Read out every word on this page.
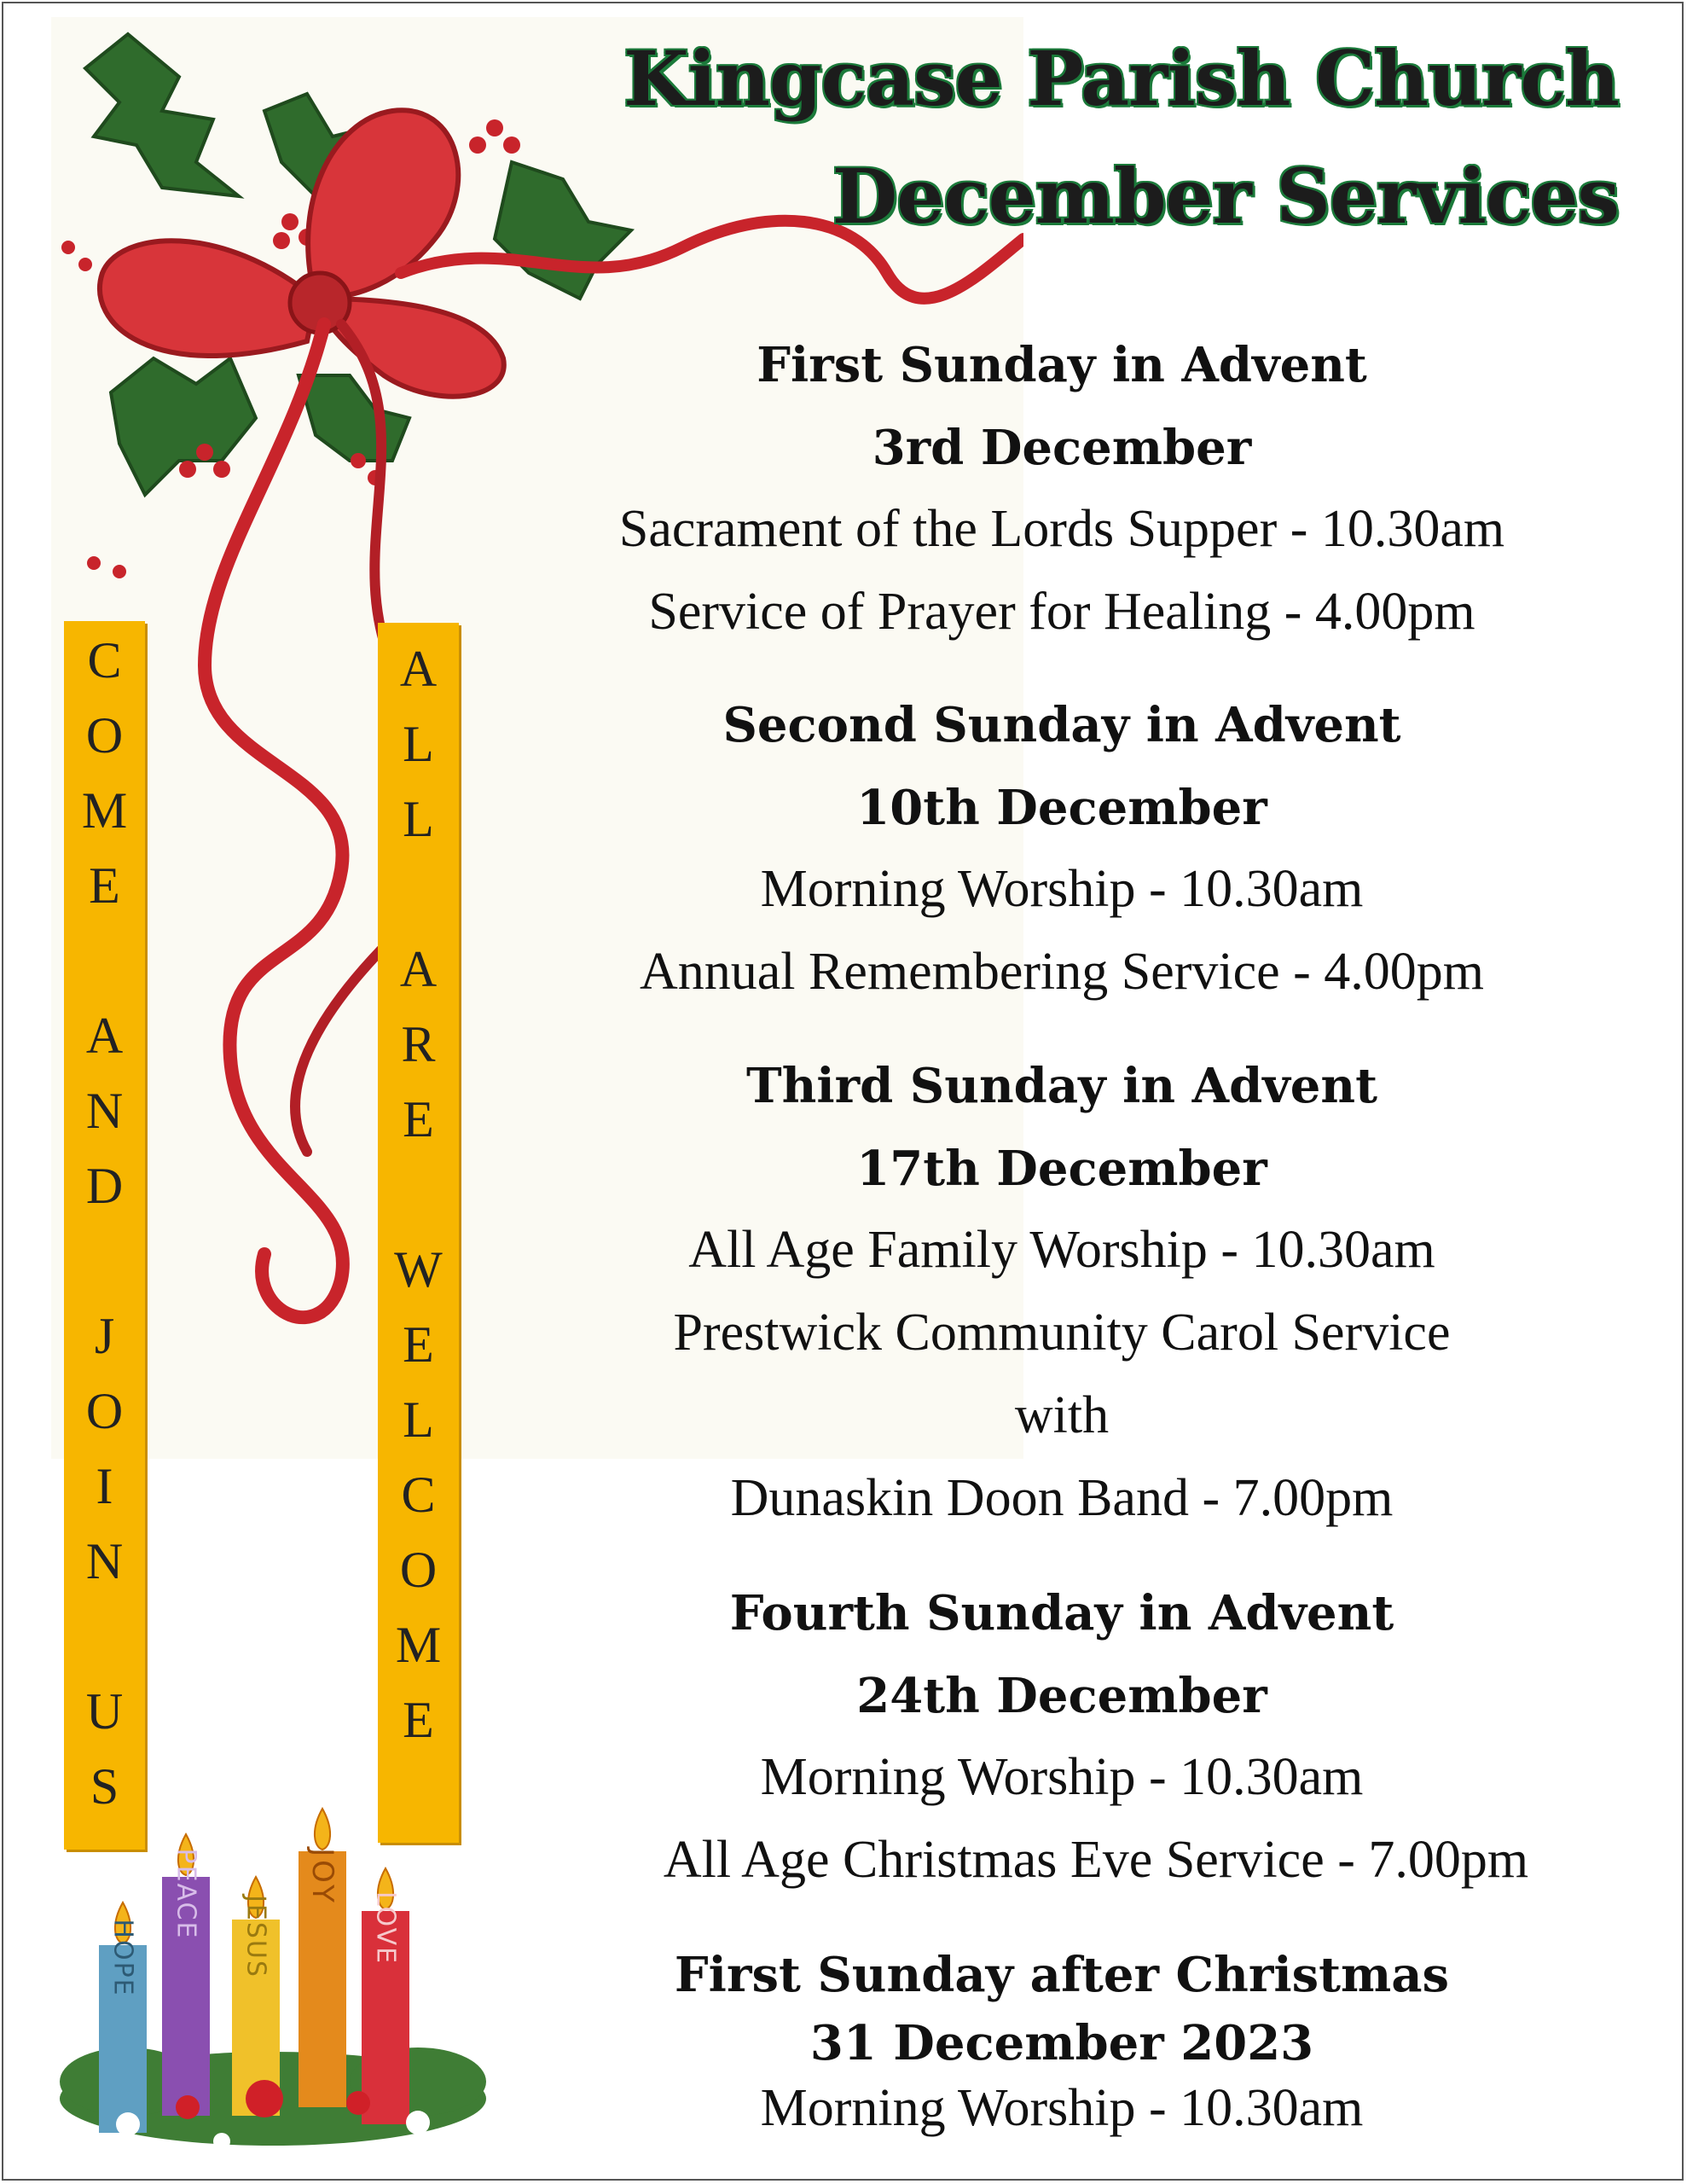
Kingcase Parish Church
December Services
C
O
M
E
A
N
D
J
O
I
N
U
S
A
L
L
A
R
E
W
E
L
C
O
M
E
HOPE
PEACE JESUS
JOY
LOVE
First Sunday in Advent
3rd December
Sacrament of the Lords Supper - 10.30am
Service of Prayer for Healing - 4.00pm
Second Sunday in Advent
10th December
Morning Worship - 10.30am
Annual Remembering Service - 4.00pm
Third Sunday in Advent
17th December
All Age Family Worship - 10.30am
Prestwick Community Carol Service
with
Dunaskin Doon Band - 7.00pm
Fourth Sunday in Advent
24th December
Morning Worship - 10.30am
All Age Christmas Eve Service - 7.00pm
First Sunday after Christmas
31 December 2023
Morning Worship - 10.30am
